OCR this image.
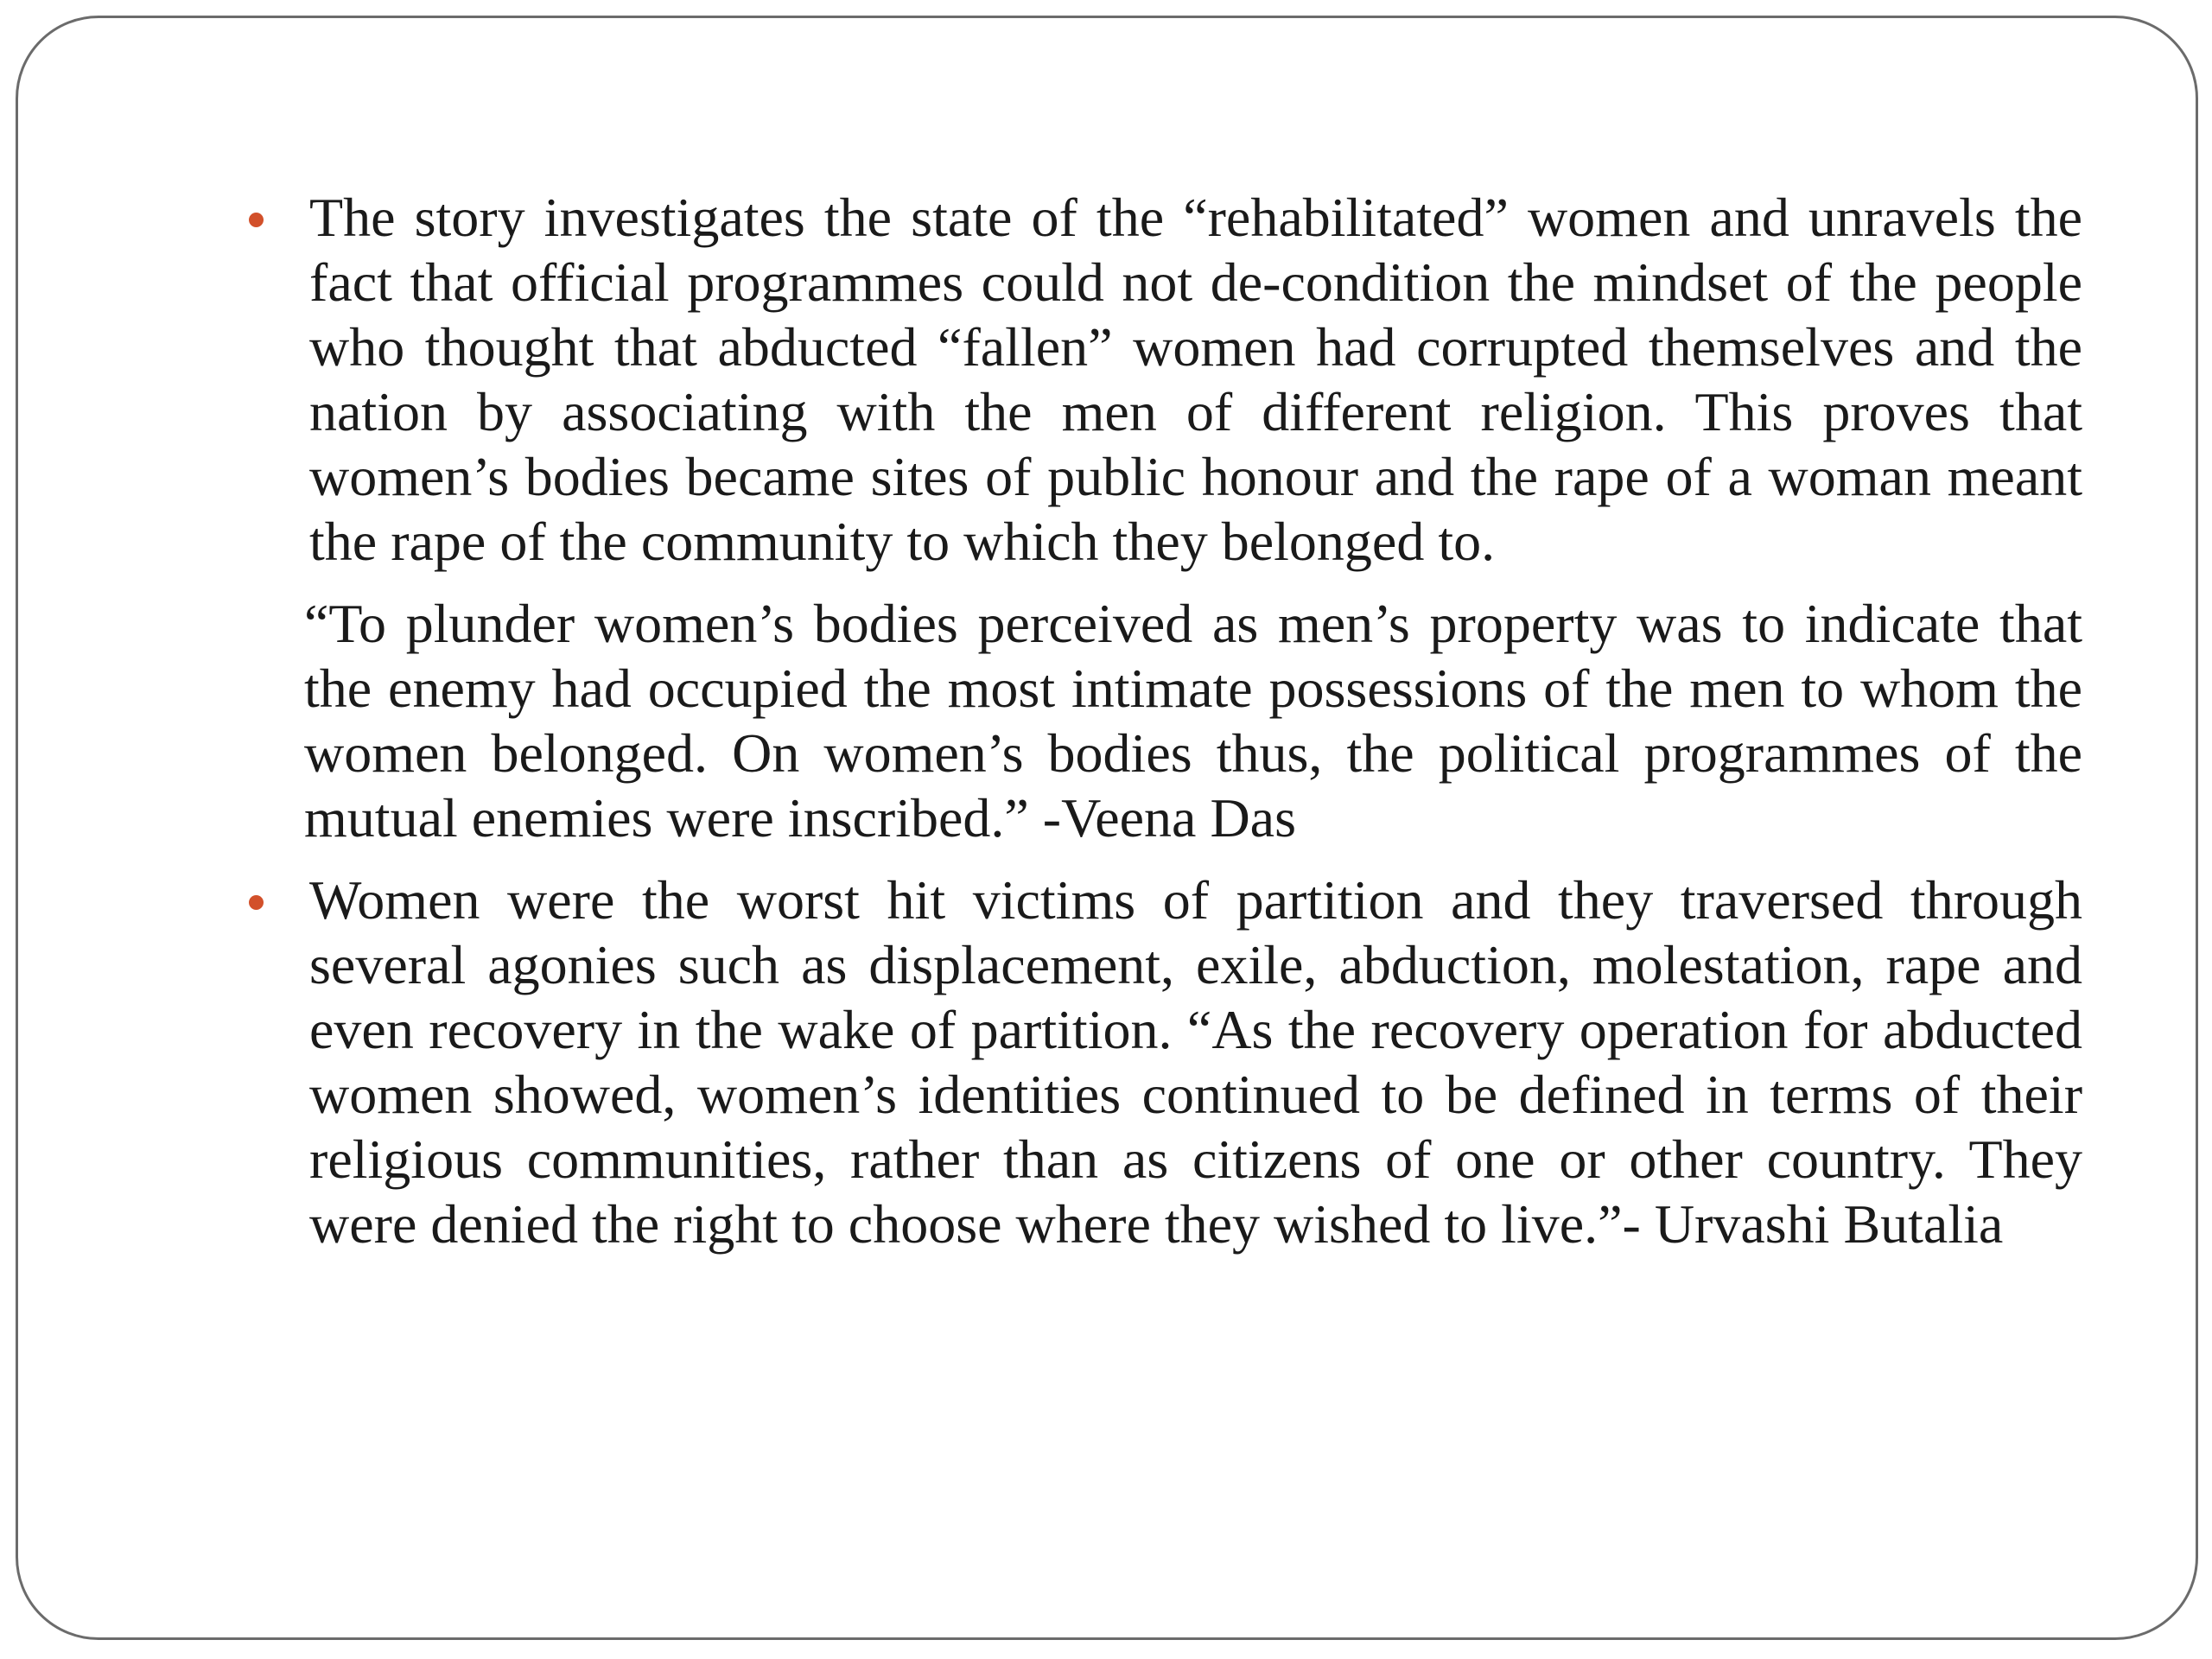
The story investigates the state of the “rehabilitated” women and unravels the fact that official programmes could not de-condition the mindset of the people who thought that abducted “fallen” women had corrupted themselves and the nation by associating with the men of different religion. This proves that women’s bodies became sites of public honour and the rape of a woman meant the rape of the community to which they belonged to.
“To plunder women’s bodies perceived as men’s property was to indicate that the enemy had occupied the most intimate possessions of the men to whom the women belonged. On women’s bodies thus, the political programmes of the mutual enemies were inscribed.” -Veena Das
Women were the worst hit victims of partition and they traversed through several agonies such as displacement, exile, abduction, molestation, rape and even recovery in the wake of partition. “As the recovery operation for abducted women showed, women’s identities continued to be defined in terms of their religious communities, rather than as citizens of one or other country. They were denied the right to choose where they wished to live.”- Urvashi Butalia
